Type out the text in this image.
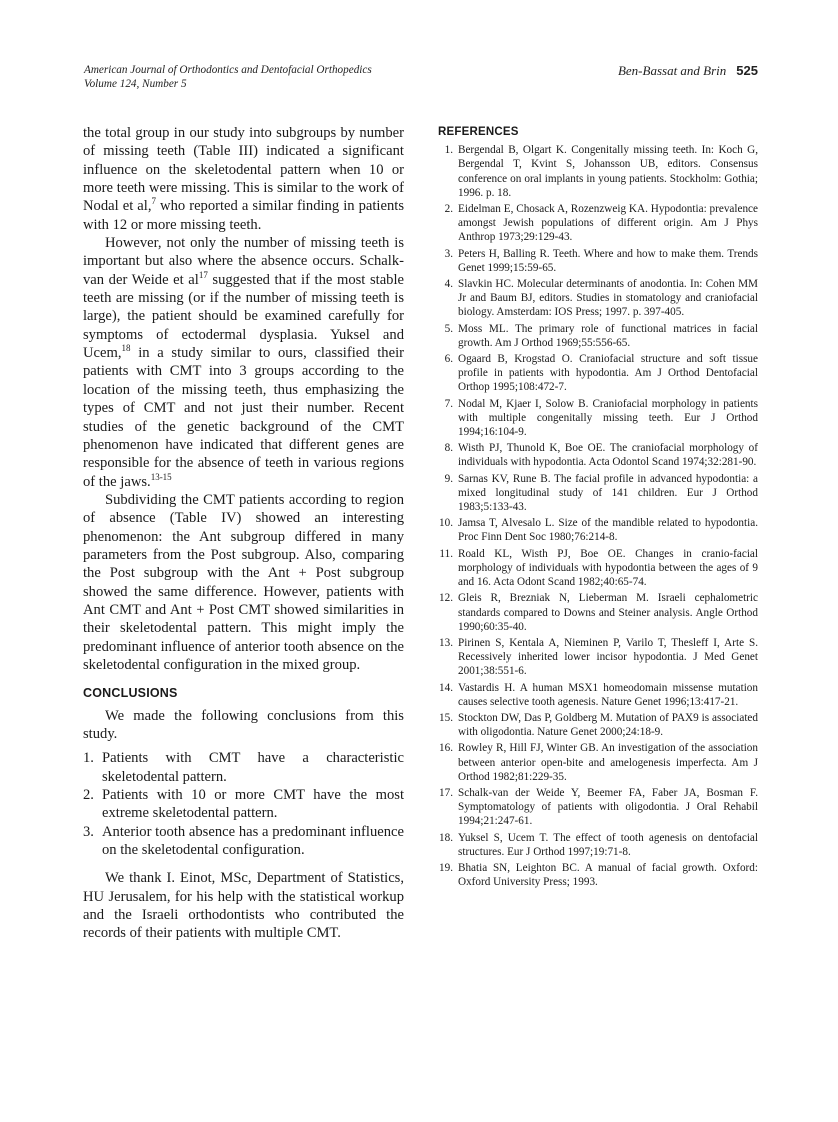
American Journal of Orthodontics and Dentofacial Orthopedics
Volume 124, Number 5
Ben-Bassat and Brin 525

the total group in our study into subgroups by number of missing teeth (Table III) indicated a significant influence on the skeletodental pattern when 10 or more teeth were missing. This is similar to the work of Nodal et al,$^7$ who reported a similar finding in patients with 12 or more missing teeth.

However, not only the number of missing teeth is important but also where the absence occurs. Schalk-van der Weide et $al^{17}$ suggested that if the most stable teeth are missing (or if the number of missing teeth is large), the patient should be examined carefully for symptoms of ectodermal dysplasia. Yuksel and Ucem,$^{18}$ in a study similar to ours, classified their patients with CMT into 3 groups according to the location of the missing teeth, thus emphasizing the types of CMT and not just their number. Recent studies of the genetic background of the CMT phenomenon have indicated that different genes are responsible for the absence of teeth in various regions of the jaws.$^{13-15}$

Subdividing the CMT patients according to region of absence (Table IV) showed an interesting phenomenon: the Ant subgroup differed in many parameters from the Post subgroup. Also, comparing the Post subgroup with the Ant + Post subgroup showed the same difference. However, patients with Ant CMT and Ant + Post CMT showed similarities in their skeletodental pattern. This might imply the predominant influence of anterior tooth absence on the skeletodental configuration in the mixed group.

CONCLUSIONS

We made the following conclusions from this study.

1. Patients with CMT have a characteristic skeletodental pattern.
2. Patients with 10 or more CMT have the most extreme skeletodental pattern.
3. Anterior tooth absence has a predominant influence on the skeletodental configuration.

We thank I. Einot, MSc, Department of Statistics, HU Jerusalem, for his help with the statistical workup and the Israeli orthodontists who contributed the records of their patients with multiple CMT.

REFERENCES
1. Bergendal B, Olgart K. Congenitally missing teeth. In: Koch G, Bergendal T, Kvint S, Johansson UB, editors. Consensus conference on oral implants in young patients. Stockholm: Gothia; 1996. p. 18.
2. Eidelman E, Chosack A, Rozenzweig KA. Hypodontia: prevalence amongst Jewish populations of different origin. Am J Phys Anthrop 1973;29:129-43.
3. Peters H, Balling R. Teeth. Where and how to make them. Trends Genet 1999;15:59-65.
4. Slavkin HC. Molecular determinants of anodontia. In: Cohen MM Jr and Baum BJ, editors. Studies in stomatology and craniofacial biology. Amsterdam: IOS Press; 1997. p. 397-405.
5. Moss ML. The primary role of functional matrices in facial growth. Am J Orthod 1969;55:556-65.
6. Ogaard B, Krogstad O. Craniofacial structure and soft tissue profile in patients with hypodontia. Am J Orthod Dentofacial Orthop 1995;108:472-7.
7. Nodal M, Kjaer I, Solow B. Craniofacial morphology in patients with multiple congenitally missing teeth. Eur J Orthod 1994;16:104-9.
8. Wisth PJ, Thunold K, Boe OE. The craniofacial morphology of individuals with hypodontia. Acta Odontol Scand 1974;32:281-90.
9. Sarnas KV, Rune B. The facial profile in advanced hypodontia: a mixed longitudinal study of 141 children. Eur J Orthod 1983;5:133-43.
10. Jamsa T, Alvesalo L. Size of the mandible related to hypodontia. Proc Finn Dent Soc 1980;76:214-8.
11. Roald KL, Wisth PJ, Boe OE. Changes in cranio-facial morphology of individuals with hypodontia between the ages of 9 and 16. Acta Odont Scand 1982;40:65-74.
12. Gleis R, Brezniak N, Lieberman M. Israeli cephalometric standards compared to Downs and Steiner analysis. Angle Orthod 1990;60:35-40.
13. Pirinen S, Kentala A, Nieminen P, Varilo T, Thesleff I, Arte S. Recessively inherited lower incisor hypodontia. J Med Genet 2001;38:551-6.
14. Vastardis H. A human MSX1 homeodomain missense mutation causes selective tooth agenesis. Nature Genet 1996;13:417-21.
15. Stockton DW, Das P, Goldberg M. Mutation of PAX9 is associated with oligodontia. Nature Genet 2000;24:18-9.
16. Rowley R, Hill FJ, Winter GB. An investigation of the association between anterior open-bite and amelogenesis imperfecta. Am J Orthod 1982;81:229-35.
17. Schalk-van der Weide Y, Beemer FA, Faber JA, Bosman F. Symptomatology of patients with oligodontia. J Oral Rehabil 1994;21:247-61.
18. Yuksel S, Ucem T. The effect of tooth agenesis on dentofacial structures. Eur J Orthod 1997;19:71-8.
19. Bhatia SN, Leighton BC. A manual of facial growth. Oxford: Oxford University Press; 1993.
